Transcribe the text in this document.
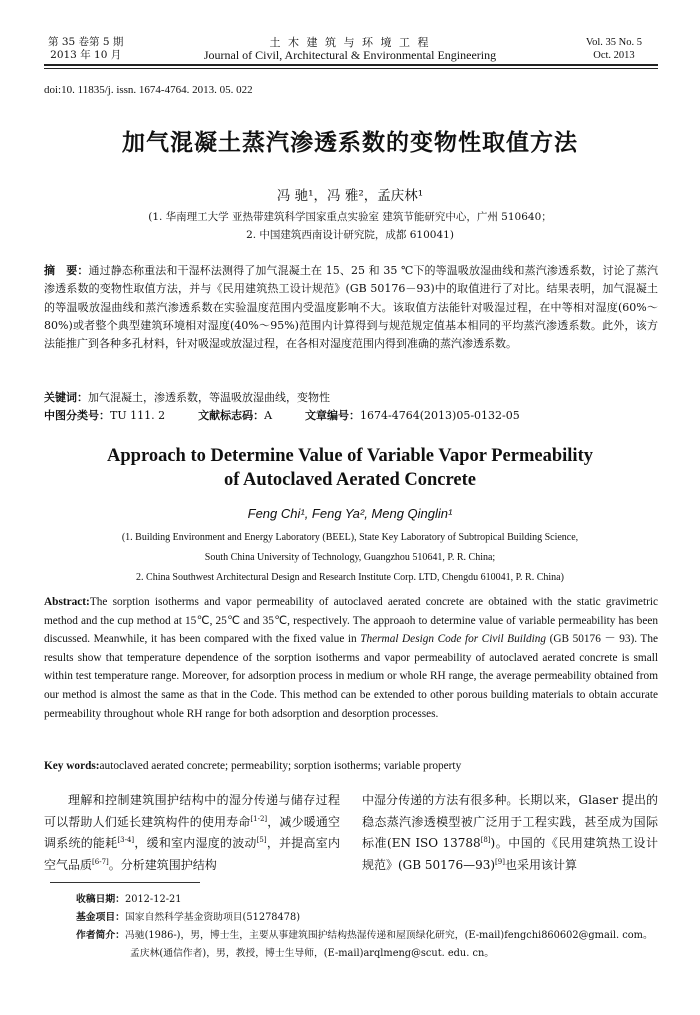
第 35 卷第 5 期
2013 年 10 月
土 木 建 筑 与 环 境 工 程
Journal of Civil, Architectural & Environmental Engineering
Vol. 35 No. 5
Oct. 2013
doi:10. 11835/j. issn. 1674-4764. 2013. 05. 022
加气混凝土蒸汽渗透系数的变物性取值方法
冯 驰¹，冯 雅²，孟庆林¹
(1. 华南理工大学 亚热带建筑科学国家重点实验室 建筑节能研究中心，广州 510640；
2. 中国建筑西南设计研究院，成都 610041)
摘　要：通过静态称重法和干湿杯法测得了加气混凝土在 15、25 和 35 ℃下的等温吸放湿曲线和蒸汽渗透系数，讨论了蒸汽渗透系数的变物性取值方法，并与《民用建筑热工设计规范》(GB 50176－93)中的取值进行了对比。结果表明，加气混凝土的等温吸放湿曲线和蒸汽渗透系数在实验温度范围内受温度影响不大。该取值方法能针对吸湿过程，在中等相对湿度(60%～80%)或者整个典型建筑环境相对湿度(40%～95%)范围内计算得到与规范规定值基本相同的平均蒸汽渗透系数。此外，该方法能推广到各种多孔材料，针对吸湿或放湿过程，在各相对湿度范围内得到准确的蒸汽渗透系数。
关键词：加气混凝土，渗透系数，等温吸放湿曲线，变物性
中图分类号：TU 111. 2	文献标志码：A	文章编号：1674-4764(2013)05-0132-05
Approach to Determine Value of Variable Vapor Permeability
of Autoclaved Aerated Concrete
Feng Chi¹, Feng Ya², Meng Qinglin¹
(1. Building Environment and Energy Laboratory (BEEL), State Key Laboratory of Subtropical Building Science,
South China University of Technology, Guangzhou 510641, P. R. China;
2. China Southwest Architectural Design and Research Institute Corp. LTD, Chengdu 610041, P. R. China)
Abstract:The sorption isotherms and vapor permeability of autoclaved aerated concrete are obtained with the static gravimetric method and the cup method at 15℃, 25℃ and 35℃, respectively. The approaoh to determine value of variable permeability has been discussed. Meanwhile, it has been compared with the fixed value in Thermal Design Code for Civil Building (GB 50176 － 93). The results show that temperature dependence of the sorption isotherms and vapor permeability of autoclaved aerated concrete is small within test temperature range. Moreover, for adsorption process in medium or whole RH range, the average permeability obtained from our method is almost the same as that in the Code. This method can be extended to other porous building materials to obtain accurate permeability throughout whole RH range for both adsorption and desorption processes.
Key words:autoclaved aerated concrete; permeability; sorption isotherms; variable property
理解和控制建筑围护结构中的湿分传递与储存过程可以帮助人们延长建筑构件的使用寿命[1-2]，减少暖通空调系统的能耗[3-4]，缓和室内湿度的波动[5]，并提高室内空气品质[6-7]。分析建筑围护结构
中湿分传递的方法有很多种。长期以来，Glaser 提出的稳态蒸汽渗透模型被广泛用于工程实践，甚至成为国际标准(EN ISO 13788[8])。中国的《民用建筑热工设计规范》(GB 50176—93)[9]也采用该计算
收稿日期：2012-12-21
基金项目：国家自然科学基金资助项目(51278478)
作者简介：冯驰(1986-)，男，博士生，主要从事建筑围护结构热湿传递和屋顶绿化研究，(E-mail)fengchi860602@gmail. com。
孟庆林(通信作者)，男，教授，博士生导师，(E-mail)arqlmeng@scut. edu. cn。
